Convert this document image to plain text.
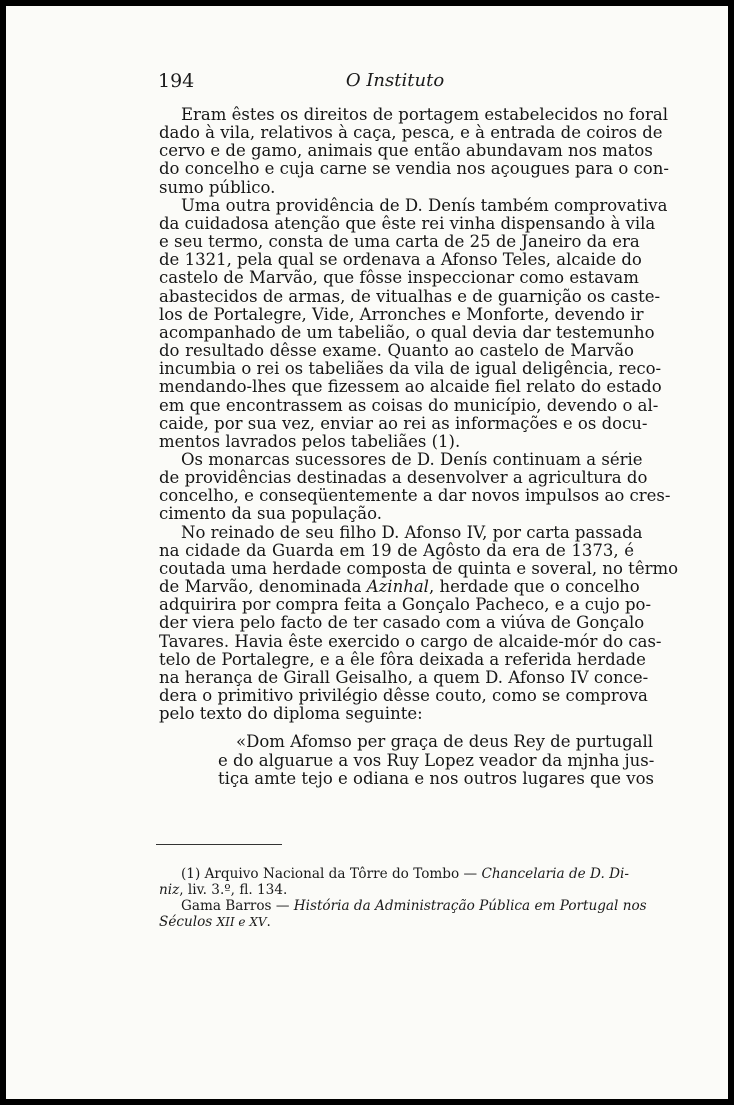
194	O Instituto

Eram êstes os direitos de portagem estabelecidos no foral
dado à vila, relativos à caça, pesca, e à entrada de coiros de
cervo e de gamo, animais que então abundavam nos matos
do concelho e cuja carne se vendia nos açougues para o con-
sumo público.

Uma outra providência de D. Denís também comprovativa
da cuidadosa atenção que êste rei vinha dispensando à vila
e seu termo, consta de uma carta de 25 de Janeiro da era
de 1321, pela qual se ordenava a Afonso Teles, alcaide do
castelo de Marvão, que fôsse inspeccionar como estavam
abastecidos de armas, de vitualhas e de guarnição os caste-
los de Portalegre, Vide, Arronches e Monforte, devendo ir
acompanhado de um tabelião, o qual devia dar testemunho
do resultado dêsse exame. Quanto ao castelo de Marvão
incumbia o rei os tabeliães da vila de igual deligência, reco-
mendando-lhes que fizessem ao alcaide fiel relato do estado
em que encontrassem as coisas do município, devendo o al-
caide, por sua vez, enviar ao rei as informações e os docu-
mentos lavrados pelos tabeliães (1).

Os monarcas sucessores de D. Denís continuam a série
de providências destinadas a desenvolver a agricultura do
concelho, e conseqüentemente a dar novos impulsos ao cres-
cimento da sua população.

No reinado de seu filho D. Afonso IV, por carta passada
na cidade da Guarda em 19 de Agôsto da era de 1373, é
coutada uma herdade composta de quinta e soveral, no têrmo
de Marvão, denominada Azinhal, herdade que o concelho
adquirira por compra feita a Gonçalo Pacheco, e a cujo po-
der viera pelo facto de ter casado com a viúva de Gonçalo
Tavares. Havia êste exercido o cargo de alcaide-mór do cas-
telo de Portalegre, e a êle fôra deixada a referida herdade
na herança de Girall Geisalho, a quem D. Afonso IV conce-
dera o primitivo privilégio dêsse couto, como se comprova
pelo texto do diploma seguinte:

«Dom Afomso per graça de deus Rey de purtugall
e do alguarue a vos Ruy Lopez veador da mjnha jus-
tiça amte tejo e odiana e nos outros lugares que vos
(1) Arquivo Nacional da Tôrre do Tombo — Chancelaria de D. Di-
niz, liv. 3.º, fl. 134.
Gama Barros — História da Administração Pública em Portugal nos
Séculos XII e XV.
